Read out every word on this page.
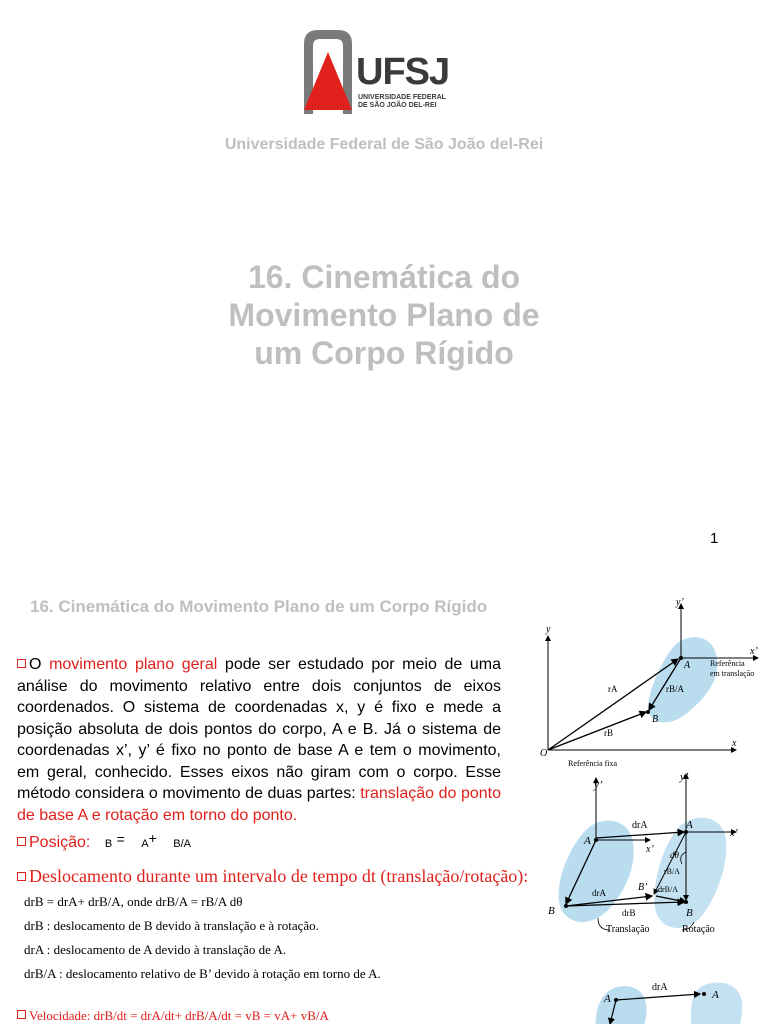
UFSJ
UNIVERSIDADE FEDERAL
DE SÃO JOÃO DEL-REI
Universidade Federal de São João del-Rei
16. Cinemática do
Movimento Plano de
um Corpo Rígido
1
16. Cinemática do Movimento Plano de um Corpo Rígido
O movimento plano geral pode ser estudado por meio de uma análise do movimento relativo entre dois conjuntos de eixos coordenados. O sistema de coordenadas x, y é fixo e mede a posição absoluta de dois pontos do corpo, A e B. Já o sistema de coordenadas x’, y’ é fixo no ponto de base A e tem o movimento, em geral, conhecido. Esses eixos não giram com o corpo. Esse método considera o movimento de duas partes: translação do ponto de base A e rotação em torno do ponto.
Posição: B = A+ B/A
Deslocamento durante um intervalo de tempo dt (translação/rotação):
drB = drA+ drB/A, onde drB/A = rB/A dθ
drB : deslocamento de B devido à translação e à rotação.
drA : deslocamento de A devido à translação de A.
drB/A : deslocamento relativo de B’ devido à rotação em torno de A.
Velocidade: drB/dt = drA/dt+ drB/A/dt = vB = vA+ vB/A
y
y’
x’
x
O
A
B
rA
rB
rB/A
Referência
em translação
Referência fixa
y’
y’
x’
x’
A
A
B	B
B’
drA
drA
drB
drB/A
dθ
rB/A
Translação	Rotação
A	A
drA
